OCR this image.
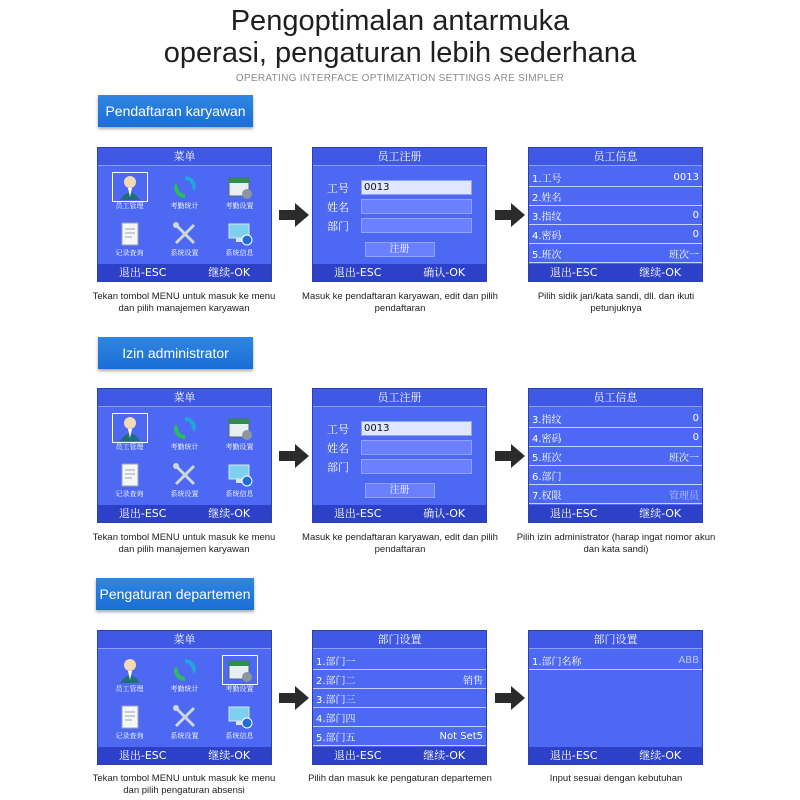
Pengoptimalan antarmuka
operasi, pengaturan lebih sederhana
OPERATING INTERFACE OPTIMIZATION SETTINGS ARE SIMPLER
Pendaftaran karyawan
Izin administrator
Pengaturan departemen
菜单
员工管理	考勤统计	考勤设置
记录查询	系统设置	系统信息
退出-ESC	继续-OK
员工注册
工号	0013
姓名
部门
注册
退出-ESC	确认-OK
员工信息
1.工号	0013
2.姓名
3.指纹	0
4.密码	0
5.班次	班次一
退出-ESC	继续-OK
Tekan tombol MENU untuk masuk ke menu dan pilih manajemen karyawan
Masuk ke pendaftaran karyawan, edit dan pilih pendaftaran
Pilih sidik jari/kata sandi, dll. dan ikuti petunjuknya
菜单
员工管理	考勤统计	考勤设置
记录查询	系统设置	系统信息
退出-ESC	继续-OK
员工注册
工号	0013
姓名
部门
注册
退出-ESC	确认-OK
员工信息
3.指纹	0
4.密码	0
5.班次	班次一
6.部门
7.权限	管理员
退出-ESC	继续-OK
Tekan tombol MENU untuk masuk ke menu dan pilih manajemen karyawan
Masuk ke pendaftaran karyawan, edit dan pilih pendaftaran
Pilih izin administrator (harap ingat nomor akun dan kata sandi)
菜单
员工管理	考勤统计	考勤设置
记录查询	系统设置	系统信息
退出-ESC	继续-OK
部门设置
1.部门一
2.部门二	销售
3.部门三
4.部门四
5.部门五	Not Set5
退出-ESC	继续-OK
部门设置
1.部门名称	ABB
退出-ESC	继续-OK
Tekan tombol MENU untuk masuk ke menu dan pilih pengaturan absensi
Pilih dan masuk ke pengaturan departemen	Input sesuai dengan kebutuhan
